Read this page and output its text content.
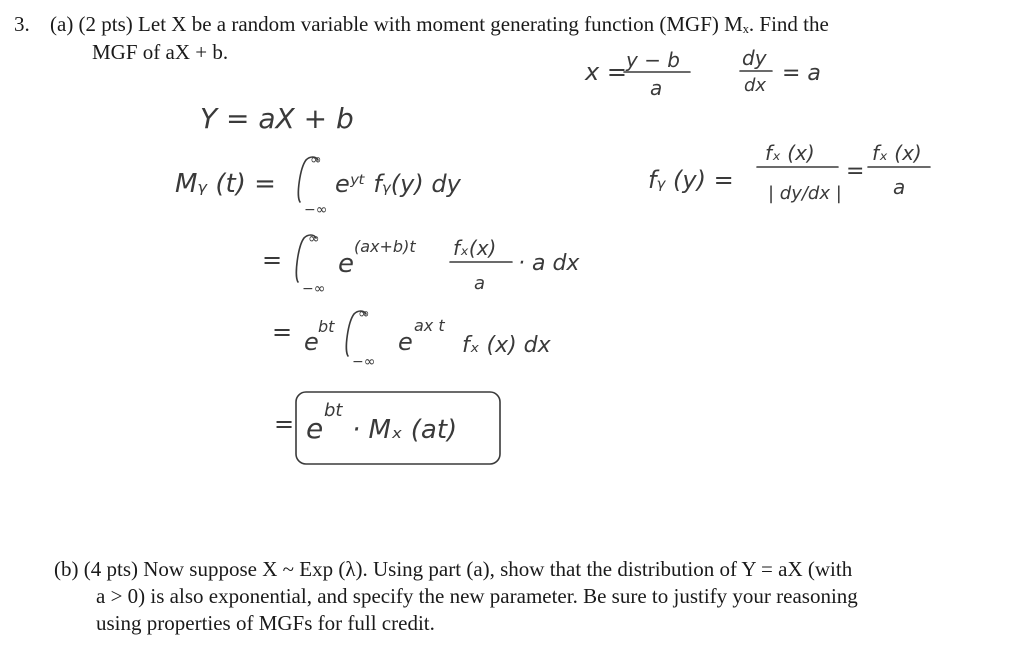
3. (a) (2 pts) Let X be a random variable with moment generating function (MGF) Mₓ. Find the
MGF of aX + b.
(b) (4 pts) Now suppose X ~ Exp (λ). Using part (a), show that the distribution of Y = aX (with
a > 0) is also exponential, and specify the new parameter. Be sure to justify your reasoning
using properties of MGFs for full credit.
x = y − b
a
dy
dx = a
Y = aX + b
Mᵧ (t) =
∞
−∞
eʸᵗ fᵧ(y) dy	fᵧ (y) =
fₓ (x)
| dy/dx |
=
fₓ (x)
a
=
∞
−∞
e
(ax+b)t fₓ(x)
a
· a dx
= e
bt
∞
−∞
e
ax t
fₓ (x) dx
= e
bt
· Mₓ (at)
